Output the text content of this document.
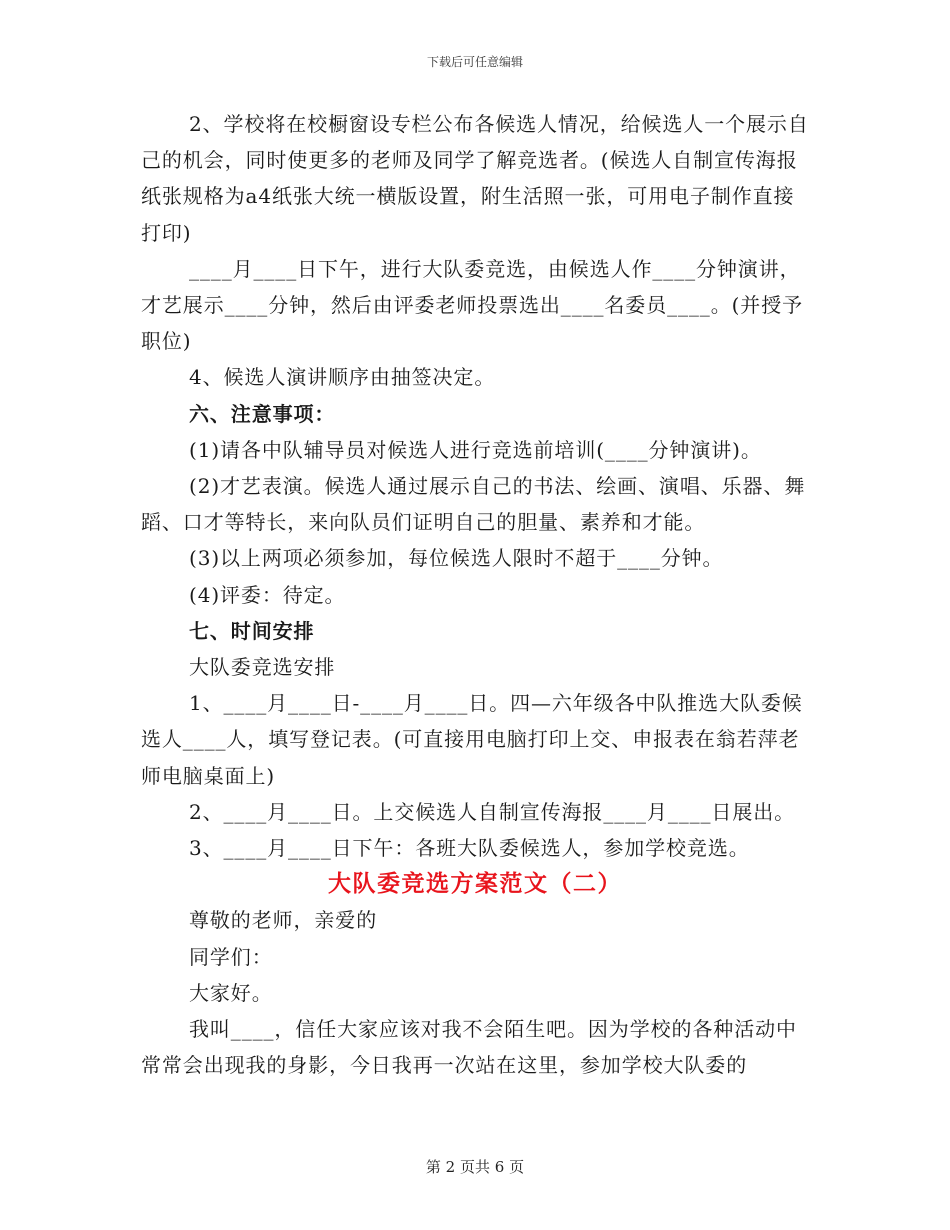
下载后可任意编辑

2、学校将在校橱窗设专栏公布各候选人情况，给候选人一个展示自己的机会，同时使更多的老师及同学了解竞选者。(候选人自制宣传海报纸张规格为a4纸张大统一横版设置，附生活照一张，可用电子制作直接打印)

____月____日下午，进行大队委竞选，由候选人作____分钟演讲，才艺展示____分钟，然后由评委老师投票选出____名委员____。(并授予职位)

4、候选人演讲顺序由抽签决定。

六、注意事项：

(1)请各中队辅导员对候选人进行竞选前培训(____分钟演讲)。

(2)才艺表演。候选人通过展示自己的书法、绘画、演唱、乐器、舞蹈、口才等特长，来向队员们证明自己的胆量、素养和才能。

(3)以上两项必须参加，每位候选人限时不超于____分钟。

(4)评委：待定。

七、时间安排

大队委竞选安排

1、____月____日-____月____日。四—六年级各中队推选大队委候选人____人，填写登记表。(可直接用电脑打印上交、申报表在翁若萍老师电脑桌面上)

2、____月____日。上交候选人自制宣传海报____月____日展出。

3、____月____日下午：各班大队委候选人，参加学校竞选。

大队委竞选方案范文（二）

尊敬的老师，亲爱的

同学们：

大家好。

我叫____，信任大家应该对我不会陌生吧。因为学校的各种活动中常常会出现我的身影，今日我再一次站在这里，参加学校大队委的

第 2 页共 6 页
